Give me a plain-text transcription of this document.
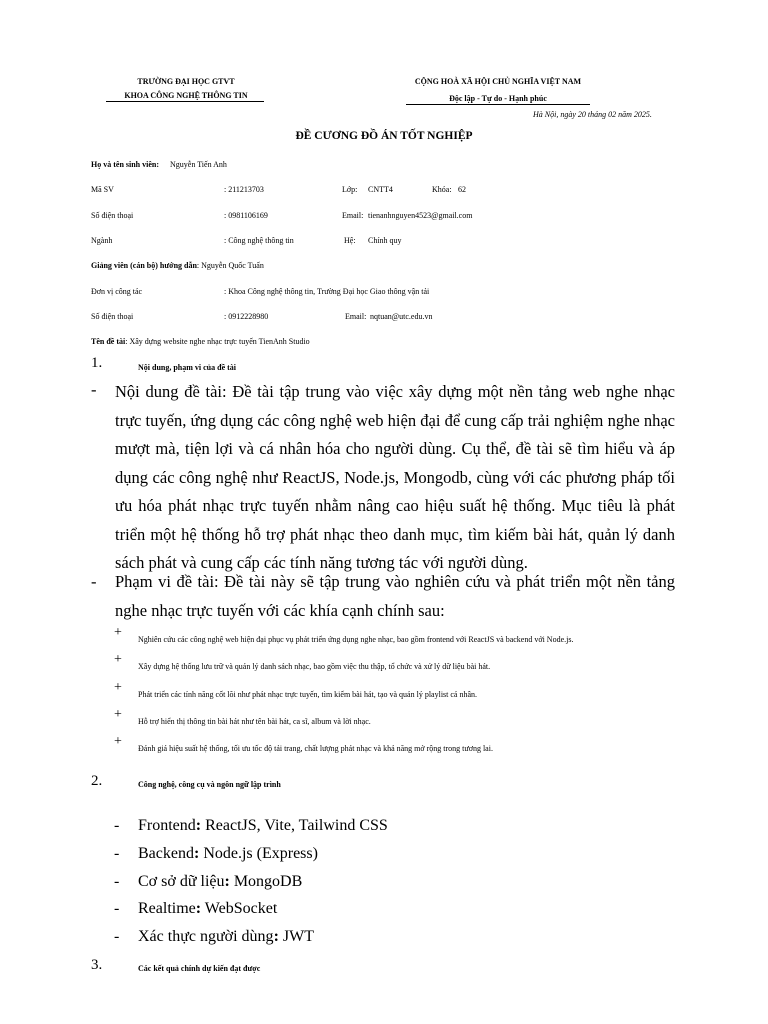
TRƯỜNG ĐẠI HỌC GTVT
KHOA CÔNG NGHỆ THÔNG TIN
CỘNG HOÀ XÃ HỘI CHỦ NGHĨA VIỆT NAM
Độc lập - Tự do - Hạnh phúc
Hà Nội, ngày 20 tháng 02 năm 2025.
ĐỀ CƯƠNG ĐỒ ÁN TỐT NGHIỆP
Họ và tên sinh viên: Nguyễn Tiến Anh
Mã SV	: 211213703	Lớp: CNTT4	Khóa: 62
Số điện thoại	: 0981106169	Email: tienanhnguyen4523@gmail.com
Ngành	: Công nghệ thông tin	Hệ: Chính quy
Giảng viên (cán bộ) hướng dẫn: Nguyễn Quốc Tuấn
Đơn vị công tác	: Khoa Công nghệ thông tin, Trường Đại học Giao thông vận tải
Số điện thoại	: 0912228980	Email: nqtuan@utc.edu.vn
Tên đề tài: Xây dựng website nghe nhạc trực tuyến TienAnh Studio
1.	Nội dung, phạm vi của đề tài
- Nội dung đề tài: Đề tài tập trung vào việc xây dựng một nền tảng web nghe nhạc trực tuyến, ứng dụng các công nghệ web hiện đại để cung cấp trải nghiệm nghe nhạc mượt mà, tiện lợi và cá nhân hóa cho người dùng. Cụ thể, đề tài sẽ tìm hiểu và áp dụng các công nghệ như ReactJS, Node.js, Mongodb, cùng với các phương pháp tối ưu hóa phát nhạc trực tuyến nhằm nâng cao hiệu suất hệ thống. Mục tiêu là phát triển một hệ thống hỗ trợ phát nhạc theo danh mục, tìm kiếm bài hát, quản lý danh sách phát và cung cấp các tính năng tương tác với người dùng.
- Phạm vi đề tài: Đề tài này sẽ tập trung vào nghiên cứu và phát triển một nền tảng nghe nhạc trực tuyến với các khía cạnh chính sau:
+ Nghiên cứu các công nghệ web hiện đại phục vụ phát triển ứng dụng nghe nhạc, bao gồm frontend với ReactJS và backend với Node.js.
+ Xây dựng hệ thống lưu trữ và quản lý danh sách nhạc, bao gồm việc thu thập, tổ chức và xử lý dữ liệu bài hát.
+ Phát triển các tính năng cốt lõi như phát nhạc trực tuyến, tìm kiếm bài hát, tạo và quản lý playlist cá nhân.
+ Hỗ trợ hiển thị thông tin bài hát như tên bài hát, ca sĩ, album và lời nhạc.
+ Đánh giá hiệu suất hệ thống, tối ưu tốc độ tải trang, chất lượng phát nhạc và khả năng mở rộng trong tương lai.
2.	Công nghệ, công cụ và ngôn ngữ lập trình
- Frontend: ReactJS, Vite, Tailwind CSS
- Backend: Node.js (Express)
- Cơ sở dữ liệu: MongoDB
- Realtime: WebSocket
- Xác thực người dùng: JWT
3.	Các kết quả chính dự kiến đạt được
